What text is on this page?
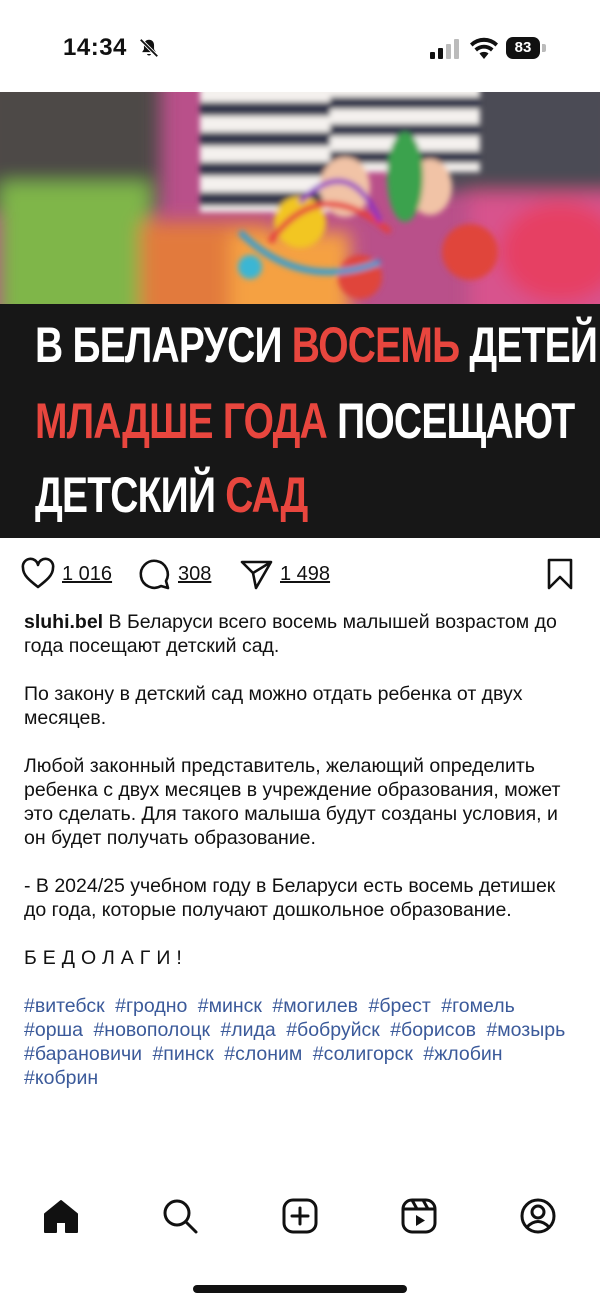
14:34	83
В БЕЛАРУСИ ВОСЕМЬ ДЕТЕЙ
МЛАДШЕ ГОДА ПОСЕЩАЮТ
ДЕТСКИЙ САД
1 016	308	1 498

sluhi.bel В Беларуси всего восемь малышей возрастом до года посещают детский сад.

По закону в детский сад можно отдать ребенка от двух месяцев.

Любой законный представитель, желающий определить ребенка с двух месяцев в учреждение образования, может это сделать. Для такого малыша будут созданы условия, и он будет получать образование.

- В 2024/25 учебном году в Беларуси есть восемь детишек до года, которые получают дошкольное образование.

БЕДОЛАГИ!

#витебск #гродно #минск #могилев #брест #гомель #орша #новополоцк #лида #бобруйск #борисов #мозырь #барановичи #пинск #слоним #солигорск #жлобин #кобрин
